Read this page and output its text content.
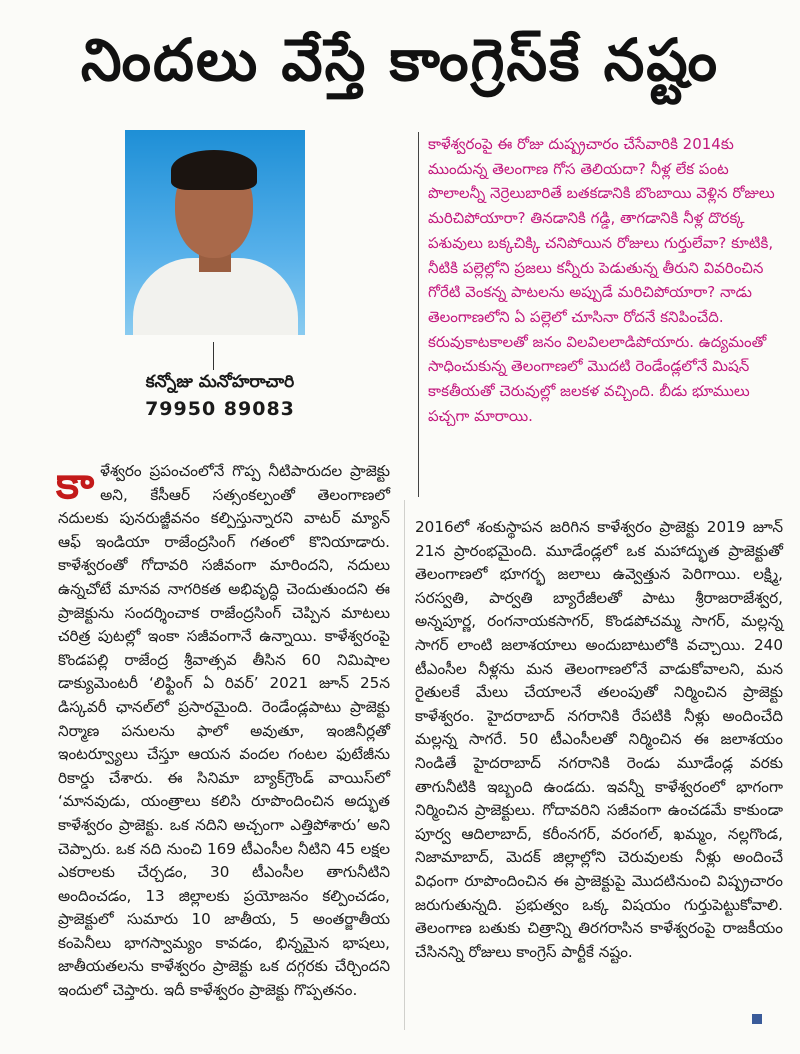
నిందలు వేస్తే కాంగ్రెస్‌కే నష్టం
కన్నోజు మనోహరాచారి
79950 89083
కాళేశ్వరంపై ఈ రోజు దుష్ప్రచారం చేసేవారికి 2014కు ముందున్న తెలంగాణ గోస తెలియదా? నీళ్ల లేక పంట పొలాలన్నీ నెర్రెలుబారితే బతకడానికి బొంబాయి వెళ్లిన రోజులు మరిచిపోయారా? తినడానికి గడ్డి, తాగడానికి నీళ్ల దొరక్క పశువులు బక్కచిక్కి చనిపోయిన రోజులు గుర్తులేవా? కూటికి, నీటికి పల్లెల్లోని ప్రజలు కన్నీరు పెడుతున్న తీరుని వివరించిన గోరేటి వెంకన్న పాటలను అప్పుడే మరిచిపోయారా? నాడు తెలంగాణలోని ఏ పల్లెలో చూసినా రోదనే కనిపించేది. కరువుకాటకాలతో జనం విలవిలలాడిపోయారు. ఉద్యమంతో సాధించుకున్న తెలంగాణలో మొదటి రెండేండ్లలోనే మిషన్ కాకతీయతో చెరువుల్లో జలకళ వచ్చింది. బీడు భూములు పచ్చగా మారాయి.
కా ళేశ్వరం ప్రపంచంలోనే గొప్ప నీటిపారుదల ప్రాజెక్టు అని, కేసీఆర్ సత్సంకల్పంతో తెలంగాణలో నదులకు పునరుజ్జీవనం కల్పిస్తున్నారని వాటర్ మ్యాన్ ఆఫ్ ఇండియా రాజేంద్రసింగ్ గతంలో కొనియాడారు. కాళేశ్వరంతో గోదావరి సజీవంగా మారిందని, నదులు ఉన్నచోటే మానవ నాగరికత అభివృద్ధి చెందుతుందని ఈ ప్రాజెక్టును సందర్శించాక రాజేంద్రసింగ్ చెప్పిన మాటలు చరిత్ర పుటల్లో ఇంకా సజీవంగానే ఉన్నాయి. కాళేశ్వరంపై కొండపల్లి రాజేంద్ర శ్రీవాత్సవ తీసిన 60 నిమిషాల డాక్యుమెంటరీ ‘లిఫ్టింగ్ ఏ రివర్’ 2021 జూన్ 25న డిస్కవరీ ఛానల్‌లో ప్రసారమైంది. రెండేండ్లపాటు ప్రాజెక్టు నిర్మాణ పనులను ఫాలో అవుతూ, ఇంజినీర్లతో ఇంటర్వ్యూలు చేస్తూ ఆయన వందల గంటల ఫుటేజీను రికార్డు చేశారు. ఈ సినిమా బ్యాక్‌గ్రౌండ్ వాయిస్‌లో ‘మానవుడు, యంత్రాలు కలిసి రూపొందించిన అద్భుత కాళేశ్వరం ప్రాజెక్టు. ఒక నదిని అచ్చంగా ఎత్తిపోశారు’ అని చెప్పారు. ఒక నది నుంచి 169 టీఎంసీల నీటిని 45 లక్షల ఎకరాలకు చేర్చడం, 30 టీఎంసీల తాగునీటిని అందించడం, 13 జిల్లాలకు ప్రయోజనం కల్పించడం, ప్రాజెక్టులో సుమారు 10 జాతీయ, 5 అంతర్జాతీయ కంపెనీలు భాగస్వామ్యం కావడం, భిన్నమైన భాషలు, జాతీయతలను కాళేశ్వరం ప్రాజెక్టు ఒక దగ్గరకు చేర్చిందని ఇందులో చెప్తారు. ఇదీ కాళేశ్వరం ప్రాజెక్టు గొప్పతనం.
2016లో శంకుస్థాపన జరిగిన కాళేశ్వరం ప్రాజెక్టు 2019 జూన్ 21న ప్రారంభమైంది. మూడేండ్లలో ఒక మహాద్భుత ప్రాజెక్టుతో తెలంగాణలో భూగర్భ జలాలు ఉవ్వెత్తున పెరిగాయి. లక్ష్మి, సరస్వతి, పార్వతి బ్యారేజీలతో పాటు శ్రీరాజరాజేశ్వర, అన్నపూర్ణ, రంగనాయకసాగర్, కొండపోచమ్మ సాగర్, మల్లన్న సాగర్ లాంటి జలాశయాలు అందుబాటులోకి వచ్చాయి. 240 టీఎంసీల నీళ్లను మన తెలంగాణలోనే వాడుకోవాలని, మన రైతులకే మేలు చేయాలనే తలంపుతో నిర్మించిన ప్రాజెక్టు కాళేశ్వరం. హైదరాబాద్ నగరానికి రేపటికి నీళ్లు అందించేది మల్లన్న సాగరే. 50 టీఎంసీలతో నిర్మించిన ఈ జలాశయం నిండితే హైదరాబాద్ నగరానికి రెండు మూడేండ్ల వరకు తాగునీటికి ఇబ్బంది ఉండదు. ఇవన్నీ కాళేశ్వరంలో భాగంగా నిర్మించిన ప్రాజెక్టులు. గోదావరిని సజీవంగా ఉంచడమే కాకుండా పూర్వ ఆదిలాబాద్, కరీంనగర్, వరంగల్, ఖమ్మం, నల్లగొండ, నిజామాబాద్, మెదక్ జిల్లాల్లోని చెరువులకు నీళ్లు అందించే విధంగా రూపొందించిన ఈ ప్రాజెక్టుపై మొదటినుంచి విష్ప్రచారం జరుగుతున్నది. ప్రభుత్వం ఒక్క విషయం గుర్తుపెట్టుకోవాలి. తెలంగాణ బతుకు చిత్రాన్ని తిరగరాసిన కాళేశ్వరంపై రాజకీయం చేసినన్ని రోజులు కాంగ్రెస్ పార్టీకే నష్టం.
